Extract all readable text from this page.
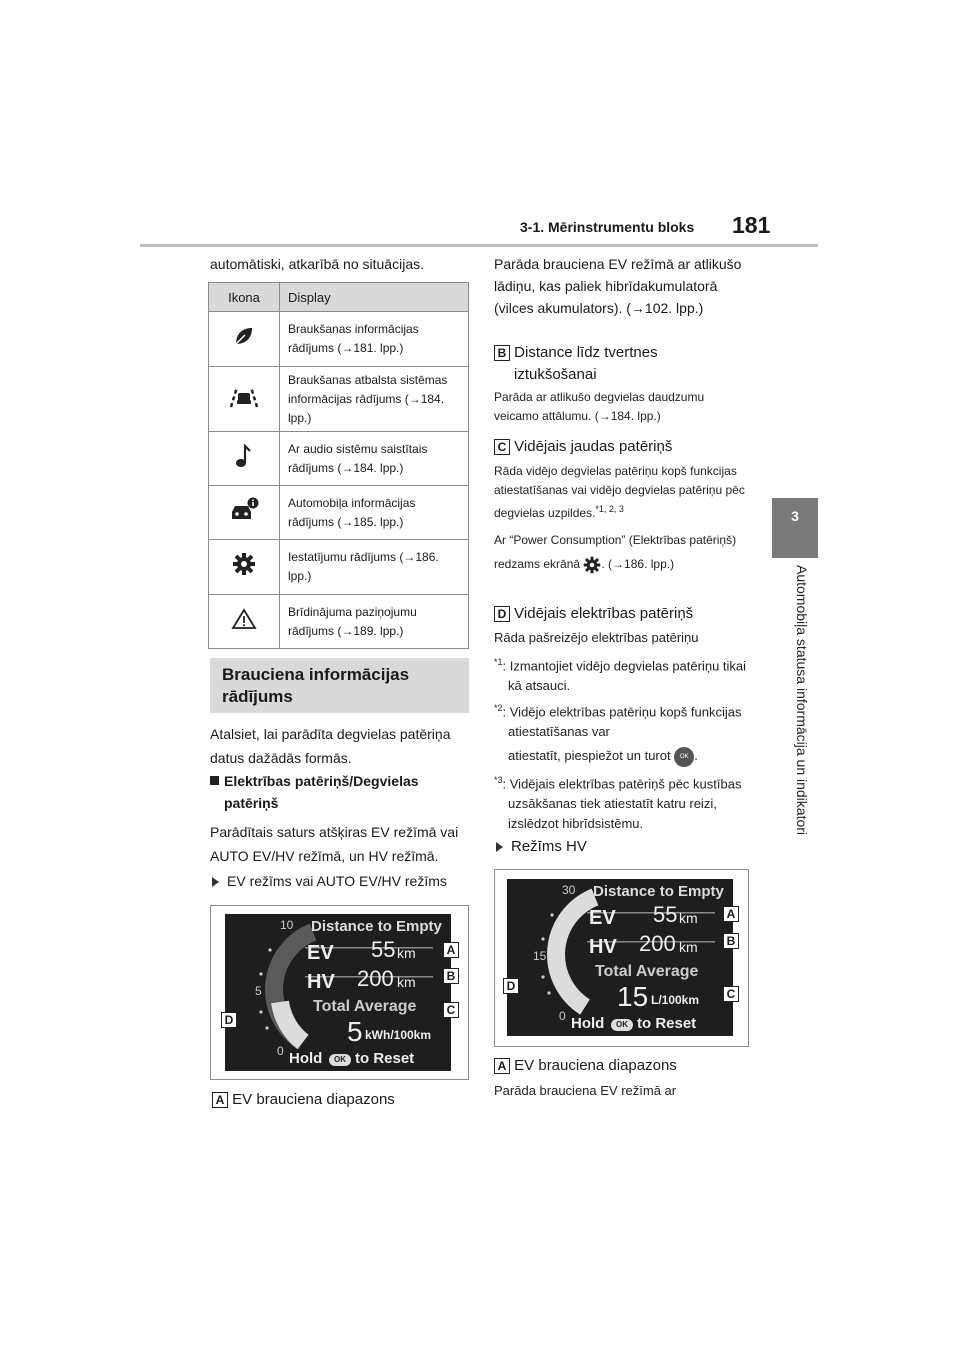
3-1. Mērinstrumentu bloks 181
3
Automobiļa statusa informācija un indikatori

automātiski, atkarībā no situācijas.

Ikona	Display
	Braukšanas informācijas rādījums (→181. lpp.)
	Braukšanas atbalsta sistēmas informācijas rādījums (→184. lpp.)
	Ar audio sistēmu saistītais rādījums (→184. lpp.)
	Automobiļa informācijas rādījums (→185. lpp.)
	Iestatījumu rādījums (→186. lpp.)
	Brīdinājuma paziņojumu rādījums (→189. lpp.)
Brauciena informācijas rādījums

Atalsiet, lai parādīta degvielas patēriņa datus dažādās formās.

Elektrības patēriņš/Degvielas patēriņš

Parādītais saturs atšķiras EV režīmā vai AUTO EV/HV režīmā, un HV režīmā.

EV režīms vai AUTO EV/HV režīms
10
5
0
Distance to Empty
EV 55 km
HV 200 km
Total Average
5 kWh/100km
Hold	OK to Reset
A
B
C
D
A EV brauciena diapazons

Parāda brauciena EV režīmā ar atlikušo lādiņu, kas paliek hibrīdakumulatorā (vilces akumulators). (→102. lpp.)

B Distance līdz tvertnes
iztukšošanai

Parāda ar atlikušo degvielas daudzumu veicamo attālumu. (→184. lpp.)

C Vidējais jaudas patēriņš

Rāda vidējo degvielas patēriņu kopš funkcijas atiestatīšanas vai vidējo degvielas patēriņu pēc degvielas uzpildes.$^{*1, 2, 3}$

Ar “Power Consumption” (Elektrības patēriņš) redzams ekrānā . (→186. lpp.)

D Vidējais elektrības patēriņš

Rāda pašreizējo elektrības patēriņu

$^{*1}$: Izmantojiet vidējo degvielas patēriņu tikai kā atsauci.

$^{*2}$: Vidējo elektrības patēriņu kopš funkcijas atiestatīšanas var

atiestatīt, piespiežot un turot OK .

$^{*3}$: Vidējais elektrības patēriņš pēc kustības uzsākšanas tiek atiestatīt katru reizi, izslēdzot hibrīdsistēmu.

Režīms HV
30
15
0
Distance to Empty
EV 55 km
HV 200 km
Total Average
15 L/100km
Hold	OK to Reset
A
B
C
D
A EV brauciena diapazons

Parāda brauciena EV režīmā ar
